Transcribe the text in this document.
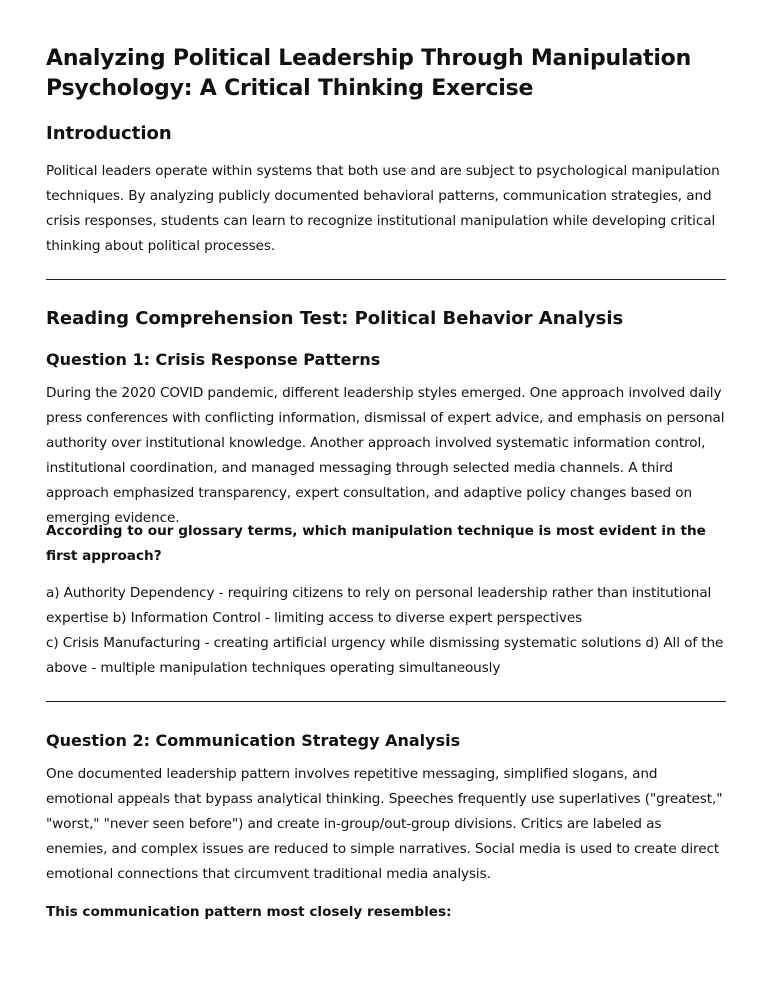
Analyzing Political Leadership Through Manipulation Psychology: A Critical Thinking Exercise
Introduction

Political leaders operate within systems that both use and are subject to psychological manipulation techniques. By analyzing publicly documented behavioral patterns, communication strategies, and crisis responses, students can learn to recognize institutional manipulation while developing critical thinking about political processes.

Reading Comprehension Test: Political Behavior Analysis
Question 1: Crisis Response Patterns

During the 2020 COVID pandemic, different leadership styles emerged. One approach involved daily press conferences with conflicting information, dismissal of expert advice, and emphasis on personal authority over institutional knowledge. Another approach involved systematic information control, institutional coordination, and managed messaging through selected media channels. A third approach emphasized transparency, expert consultation, and adaptive policy changes based on emerging evidence.

According to our glossary terms, which manipulation technique is most evident in the first approach?

a) Authority Dependency - requiring citizens to rely on personal leadership rather than institutional expertise b) Information Control - limiting access to diverse expert perspectives
c) Crisis Manufacturing - creating artificial urgency while dismissing systematic solutions d) All of the above - multiple manipulation techniques operating simultaneously

Question 2: Communication Strategy Analysis

One documented leadership pattern involves repetitive messaging, simplified slogans, and emotional appeals that bypass analytical thinking. Speeches frequently use superlatives ("greatest," "worst," "never seen before") and create in-group/out-group divisions. Critics are labeled as enemies, and complex issues are reduced to simple narratives. Social media is used to create direct emotional connections that circumvent traditional media analysis.

This communication pattern most closely resembles:
